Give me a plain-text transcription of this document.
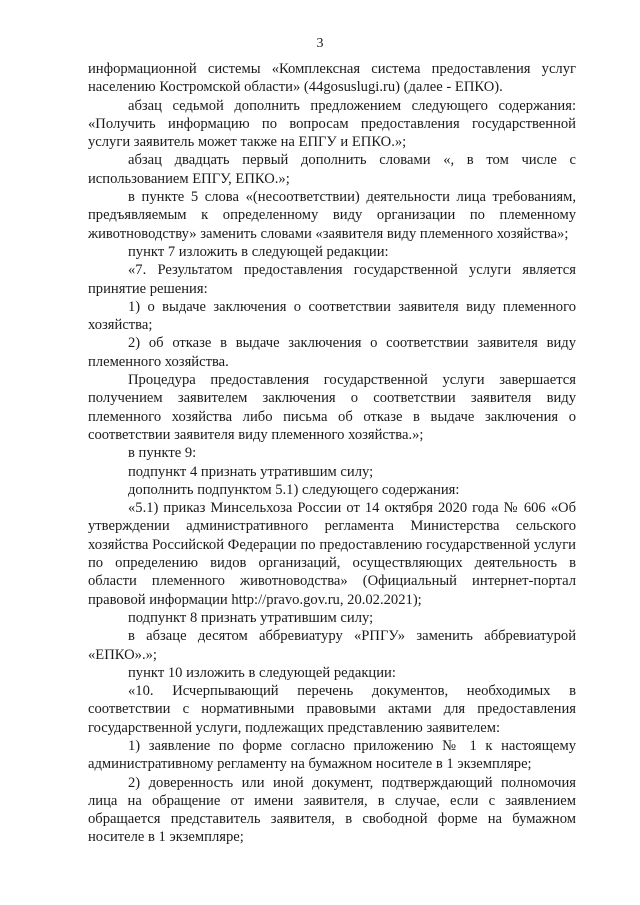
3

информационной системы «Комплексная система предоставления услуг населению Костромской области» (44gosuslugi.ru) (далее - ЕПКО).

абзац седьмой дополнить предложением следующего содержания: «Получить информацию по вопросам предоставления государственной услуги заявитель может также на ЕПГУ и ЕПКО.»;

абзац двадцать первый дополнить словами «, в том числе с использованием ЕПГУ, ЕПКО.»;

в пункте 5 слова «(несоответствии) деятельности лица требованиям, предъявляемым к определенному виду организации по племенному животноводству» заменить словами «заявителя виду племенного хозяйства»;

пункт 7 изложить в следующей редакции:

«7. Результатом предоставления государственной услуги является принятие решения:

1) о выдаче заключения о соответствии заявителя виду племенного хозяйства;

2) об отказе в выдаче заключения о соответствии заявителя виду племенного хозяйства.

Процедура предоставления государственной услуги завершается получением заявителем заключения о соответствии заявителя виду племенного хозяйства либо письма об отказе в выдаче заключения о соответствии заявителя виду племенного хозяйства.»;

в пункте 9:

подпункт 4 признать утратившим силу;

дополнить подпунктом 5.1) следующего содержания:

«5.1) приказ Минсельхоза России от 14 октября 2020 года № 606 «Об утверждении административного регламента Министерства сельского хозяйства Российской Федерации по предоставлению государственной услуги по определению видов организаций, осуществляющих деятельность в области племенного животноводства» (Официальный интернет-портал правовой информации http://pravo.gov.ru, 20.02.2021);

подпункт 8 признать утратившим силу;

в абзаце десятом аббревиатуру «РПГУ» заменить аббревиатурой «ЕПКО».»;

пункт 10 изложить в следующей редакции:

«10. Исчерпывающий перечень документов, необходимых в соответствии с нормативными правовыми актами для предоставления государственной услуги, подлежащих представлению заявителем:

1) заявление по форме согласно приложению № 1 к настоящему административному регламенту на бумажном носителе в 1 экземпляре;

2) доверенность или иной документ, подтверждающий полномочия лица на обращение от имени заявителя, в случае, если с заявлением обращается представитель заявителя, в свободной форме на бумажном носителе в 1 экземпляре;
